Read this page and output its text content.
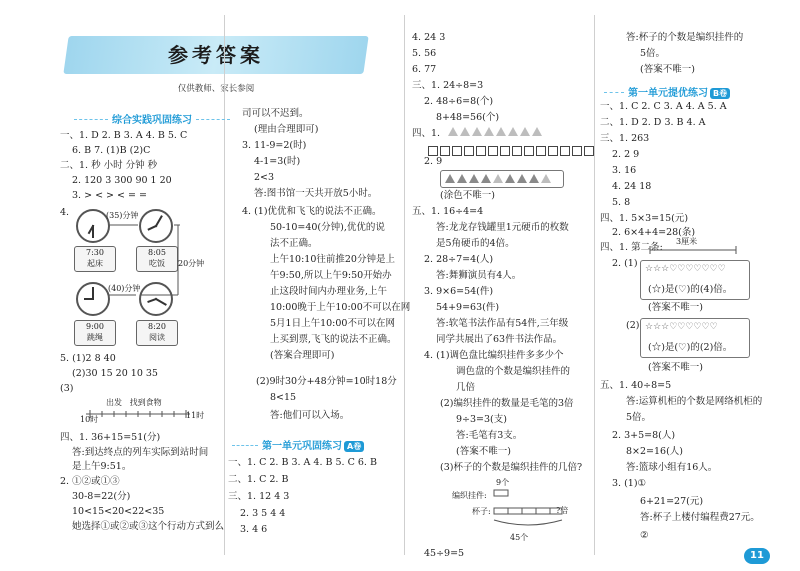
参考答案
仅供教师、家长参阅
综合实践巩固练习
一、1. D 2. B 3. A 4. B 5. C
6. B 7. (1)B (2)C
二、1. 秒 小时 分钟 秒
2. 120 3 300 90 1 20
3. > < > < = =
4.	(35)分钟
(40)分钟
20分钟
7:30
起床
8:05
吃饭
9:00
跳绳
8:20
阅读
5. (1)2 8 40
(2)30 15 20 10 35
(3)
出发 找到食物
10时	11时
四、1. 36+15=51(分)
答:到达终点的列车实际到站时间
是上午9:51。
2. ①②或①③
30-8=22(分)
10<15<20<22<35
她选择①或②或③这个行动方式到么
司可以不迟到。
(理由合理即可)
3. 11-9=2(时)
4-1=3(时)
2<3
答:图书馆一天共开放5小时。
4. (1)优优和飞飞的说法不正确。
50-10=40(分钟),优优的说
法不正确。
上午10:10往前推20分钟是上
午9:50,所以上午9:50开始办
止这段时间内办理业务,上午
10:00晚于上午10:00不可以在网
5月1日上午10:00不可以在网
上买到票,飞飞的说法不正确。
(答案合理即可)
(2)9时30分+48分钟=10时18分
8<15
答:他们可以入场。
第一单元巩固练习 A卷
一、1. C 2. B 3. A 4. B 5. C 6. B
二、1. C 2. B
三、1. 12 4 3
2. 3 5 4 4
3. 4 6
4. 24 3
5. 56
6. 77
三、1. 24÷8=3
2. 48÷6=8(个)
8+48=56(个)
四、1.
2. 9
(涂色不唯一)
五、1. 16÷4=4
答:龙龙存钱罐里1元硬币的枚数
是5角硬币的4倍。
2. 28÷7=4(人)
答:舞狮演员有4人。
3. 9×6=54(件)
54+9=63(件)
答:软笔书法作品有54件,三年级
同学共展出了63件书法作品。
4. (1)调色盘比编织挂件多多少个
调色盘的个数是编织挂件的
几倍
(2)编织挂件的数量是毛笔的3倍
9÷3=3(支)
答:毛笔有3支。
(答案不唯一)
(3)杯子的个数是编织挂件的几倍?
9个
编织挂件:
杯子:	?倍
45个
45÷9=5
答:杯子的个数是编织挂件的
5倍。
(答案不唯一)
第一单元提优练习 B卷
一、1. C 2. C 3. A 4. A 5. A
二、1. D 2. D 3. B 4. A
三、1. 263
2. 2 9
3. 16
4. 24 18
5. 8
四、1. 5×3=15(元)
2. 6×4+4=28(条)
四、1. 第二条:
3厘米
2. (1) ☆☆☆♡♡♡♡♡♡♡
(☆)是(♡)的(4)倍。
(答案不唯一)
(2) ☆☆☆♡♡♡♡♡♡
(☆)是(♡)的(2)倍。
(答案不唯一)
五、1. 40÷8=5
答:运算机柜的个数是网络机柜的
5倍。
2. 3+5=8(人)
8×2=16(人)
答:篮球小组有16人。
3. (1)①
6+21=27(元)
答:杯子上楼付编程费27元。
②
11
